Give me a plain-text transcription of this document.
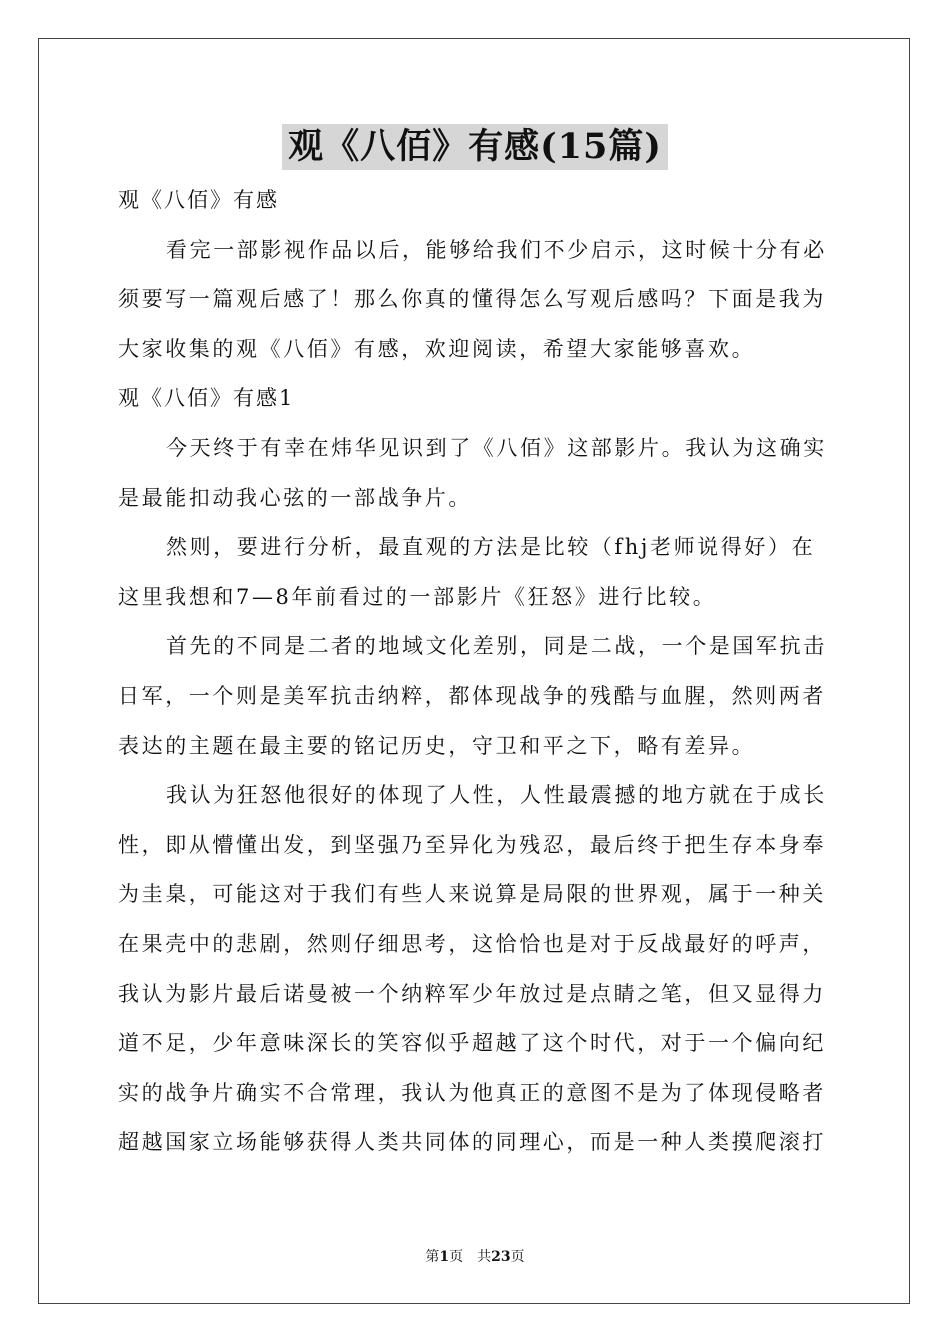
观《八佰》有感(15篇)
观《八佰》有感
看完一部影视作品以后，能够给我们不少启示，这时候十分有必
须要写一篇观后感了！那么你真的懂得怎么写观后感吗？下面是我为
大家收集的观《八佰》有感，欢迎阅读，希望大家能够喜欢。
观《八佰》有感1
今天终于有幸在炜华见识到了《八佰》这部影片。我认为这确实
是最能扣动我心弦的一部战争片。
然则，要进行分析，最直观的方法是比较（fhj老师说得好）在
这里我想和7—8年前看过的一部影片《狂怒》进行比较。
首先的不同是二者的地域文化差别，同是二战，一个是国军抗击
日军，一个则是美军抗击纳粹，都体现战争的残酷与血腥，然则两者
表达的主题在最主要的铭记历史，守卫和平之下，略有差异。
我认为狂怒他很好的体现了人性，人性最震撼的地方就在于成长
性，即从懵懂出发，到坚强乃至异化为残忍，最后终于把生存本身奉
为圭臬，可能这对于我们有些人来说算是局限的世界观，属于一种关
在果壳中的悲剧，然则仔细思考，这恰恰也是对于反战最好的呼声，
我认为影片最后诺曼被一个纳粹军少年放过是点睛之笔，但又显得力
道不足，少年意味深长的笑容似乎超越了这个时代，对于一个偏向纪
实的战争片确实不合常理，我认为他真正的意图不是为了体现侵略者
超越国家立场能够获得人类共同体的同理心，而是一种人类摸爬滚打
第1页　共23页
